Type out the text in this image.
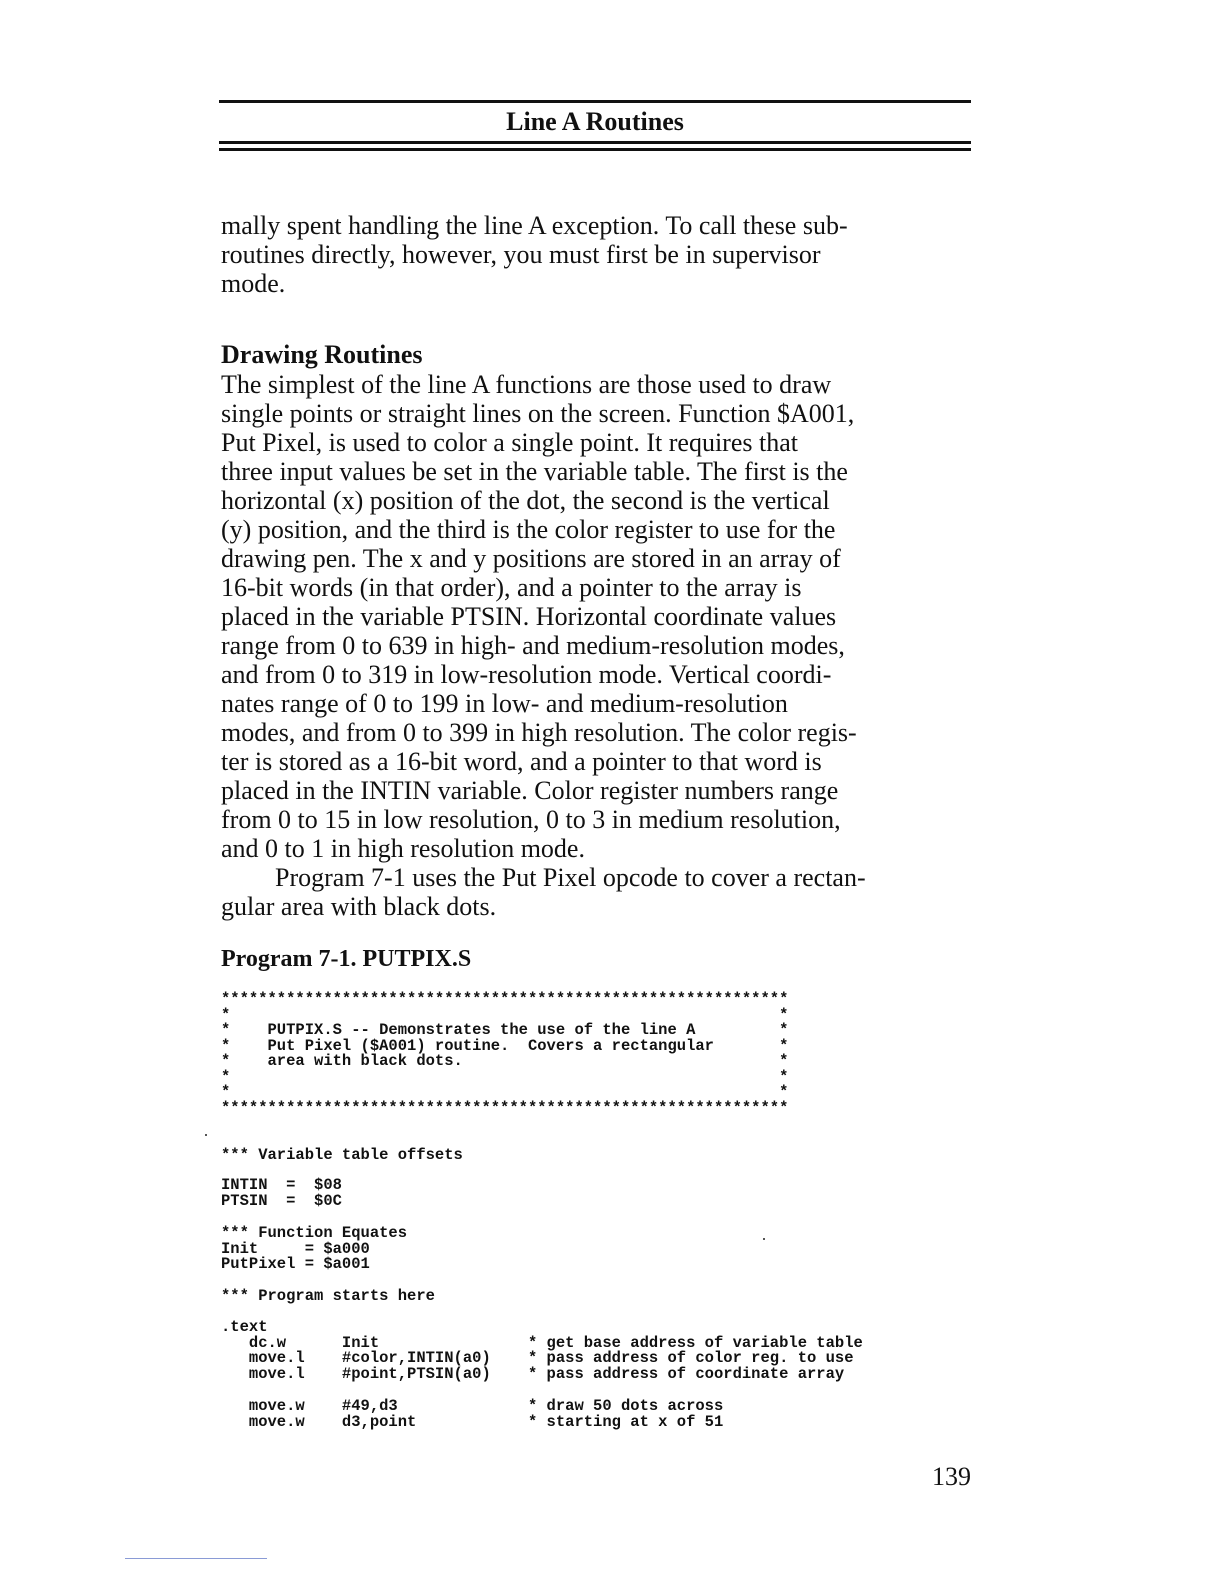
Line A Routines
mally spent handling the line A exception. To call these sub-
routines directly, however, you must first be in supervisor
mode.
Drawing Routines
The simplest of the line A functions are those used to draw
single points or straight lines on the screen. Function $A001,
Put Pixel, is used to color a single point. It requires that
three input values be set in the variable table. The first is the
horizontal (x) position of the dot, the second is the vertical
(y) position, and the third is the color register to use for the
drawing pen. The x and y positions are stored in an array of
16-bit words (in that order), and a pointer to the array is
placed in the variable PTSIN. Horizontal coordinate values
range from 0 to 639 in high- and medium-resolution modes,
and from 0 to 319 in low-resolution mode. Vertical coordi-
nates range of 0 to 199 in low- and medium-resolution
modes, and from 0 to 399 in high resolution. The color regis-
ter is stored as a 16-bit word, and a pointer to that word is
placed in the INTIN variable. Color register numbers range
from 0 to 15 in low resolution, 0 to 3 in medium resolution,
and 0 to 1 in high resolution mode.
Program 7-1 uses the Put Pixel opcode to cover a rectan-
gular area with black dots.
Program 7-1. PUTPIX.S
*************************************************************
*                                                           *
*    PUTPIX.S -- Demonstrates the use of the line A         *
*    Put Pixel ($A001) routine.  Covers a rectangular       *
*    area with black dots.                                  *
*                                                           *
*                                                           *
*************************************************************
*** Variable table offsets
INTIN  =  $08
PTSIN  =  $0C
*** Function Equates
Init     = $a000
PutPixel = $a001
*** Program starts here
.text
dc.w      Init                * get base address of variable table
move.l    #color,INTIN(a0)    * pass address of color reg. to use
move.l    #point,PTSIN(a0)    * pass address of coordinate array
move.w    #49,d3              * draw 50 dots across
move.w    d3,point            * starting at x of 51
139
